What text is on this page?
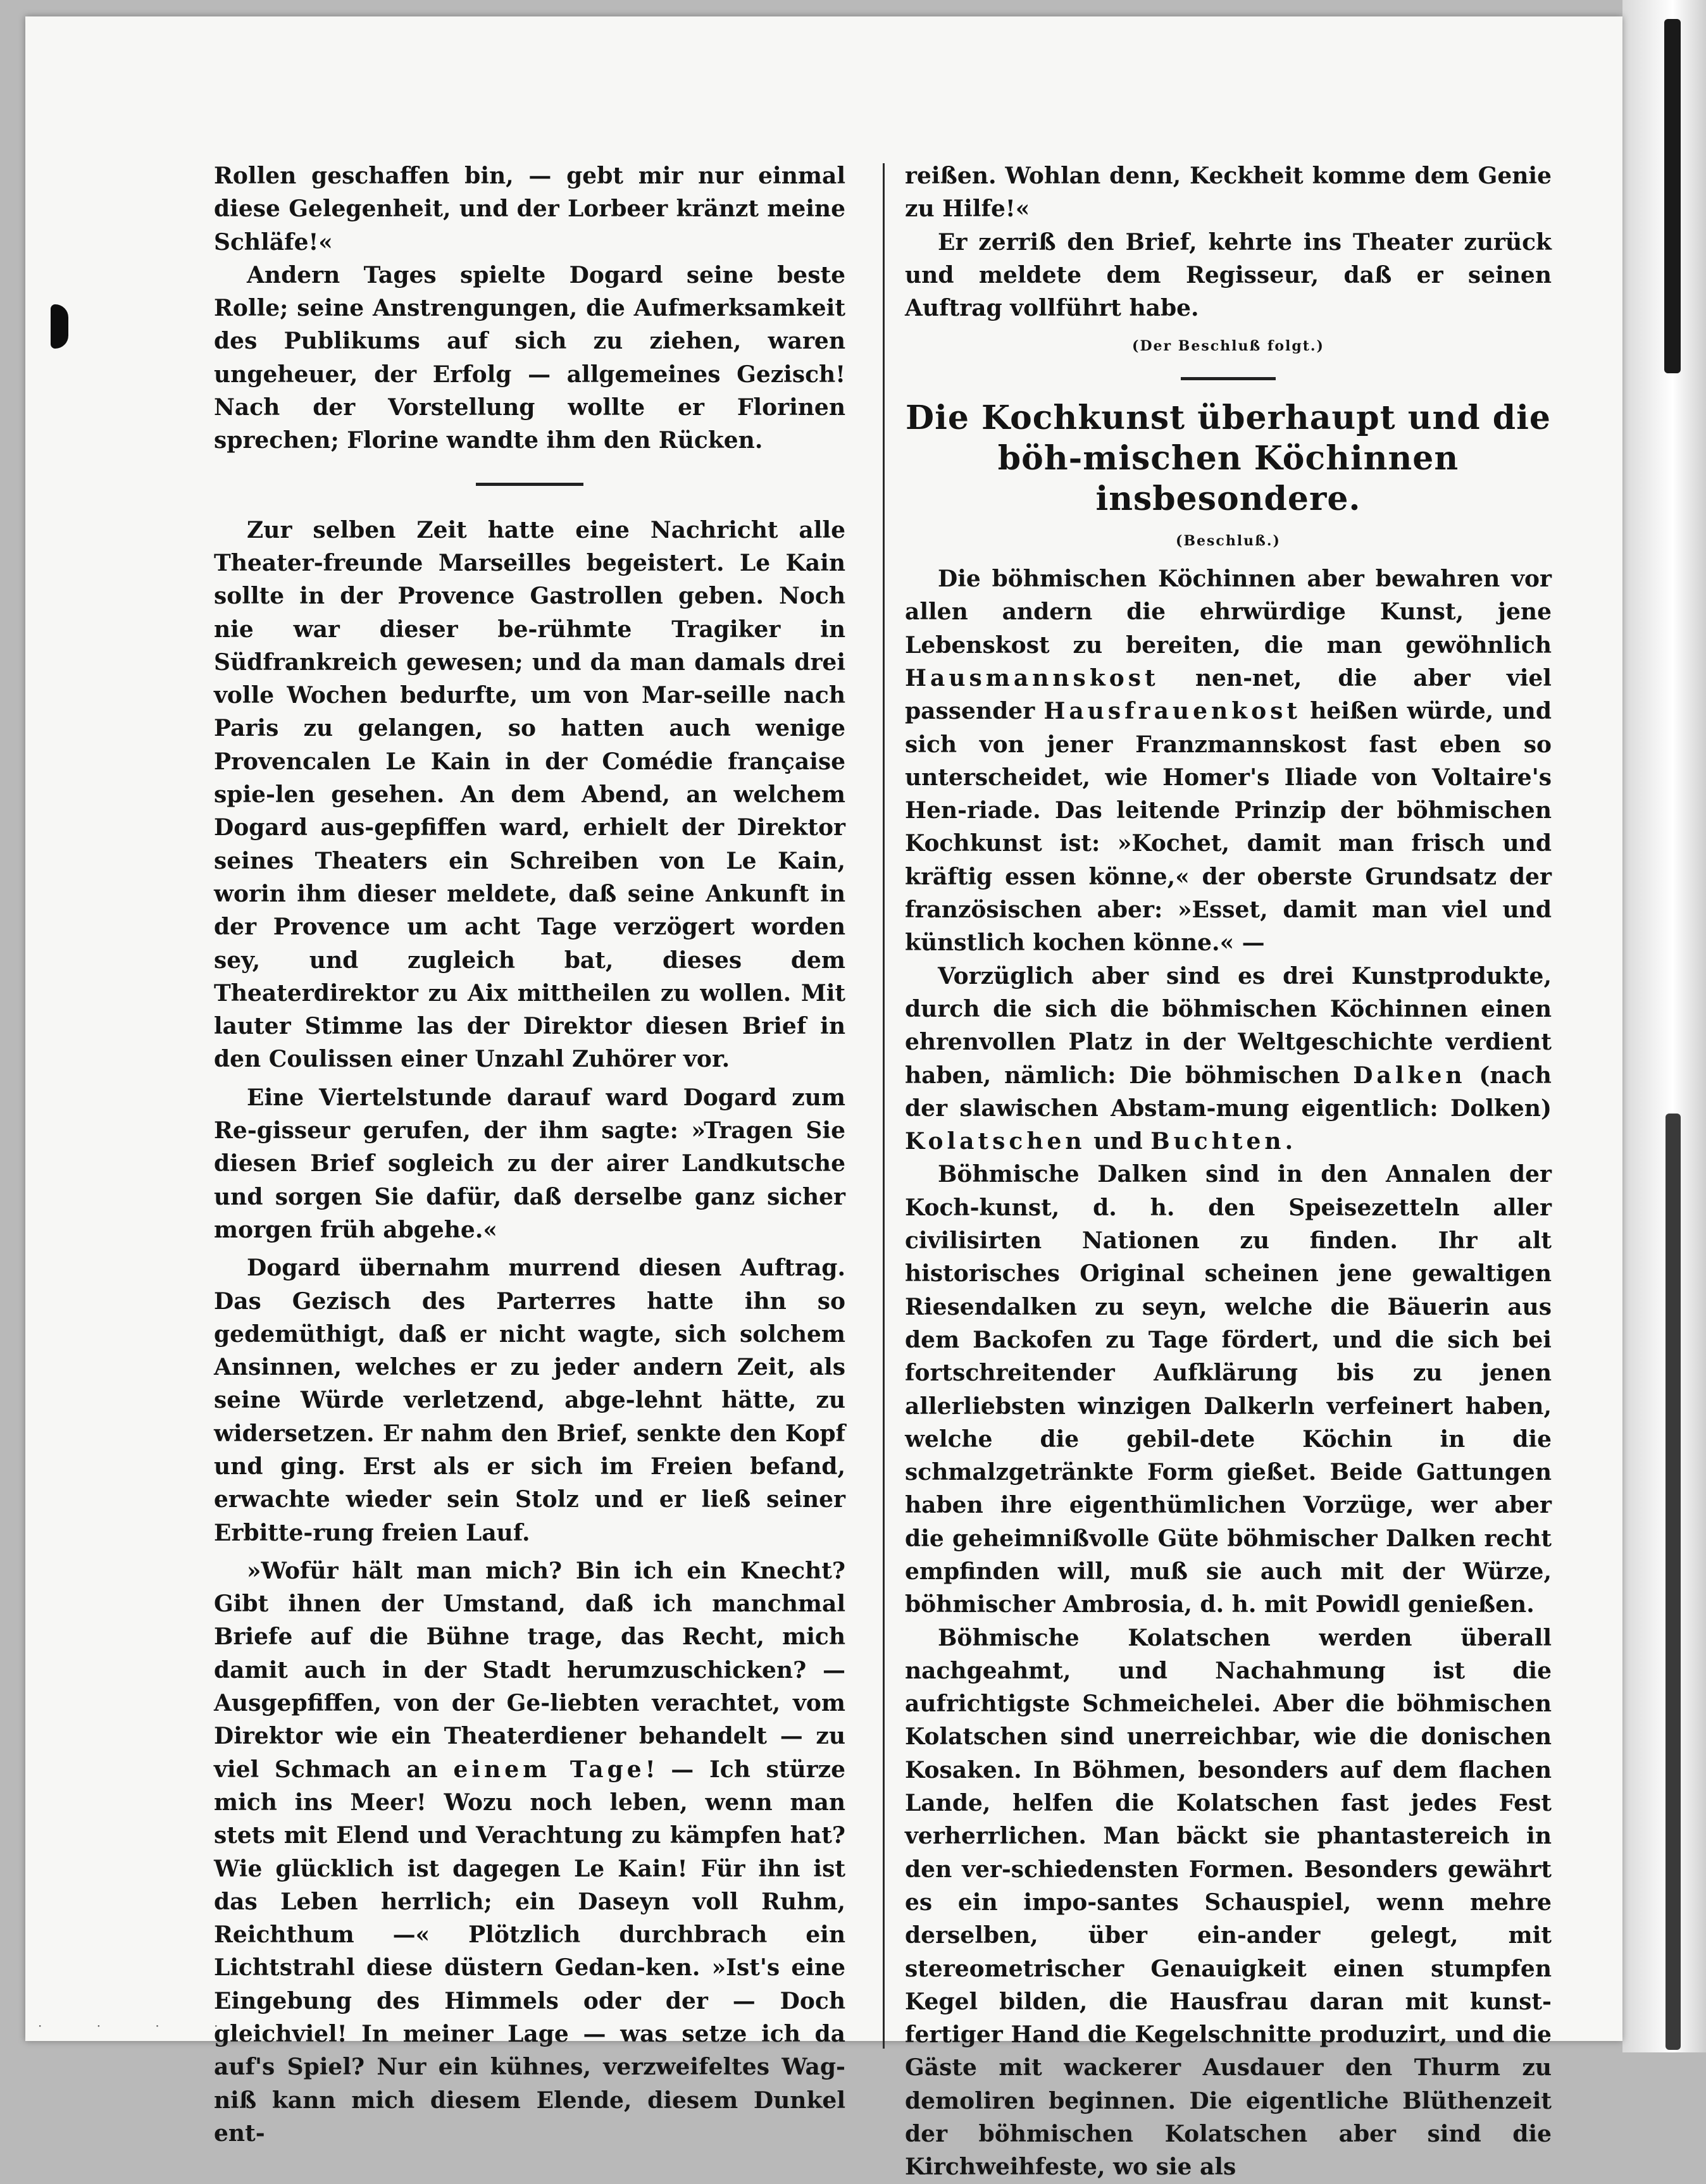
Rollen geschaffen bin, — gebt mir nur einmal diese Gelegenheit, und der Lorbeer kränzt meine Schläfe!«

Andern Tages spielte Dogard seine beste Rolle; seine Anstrengungen, die Aufmerksamkeit des Publikums auf sich zu ziehen, waren ungeheuer, der Erfolg — allgemeines Gezisch! Nach der Vorstellung wollte er Florinen sprechen; Florine wandte ihm den Rücken.

Zur selben Zeit hatte eine Nachricht alle Theater-freunde Marseilles begeistert. Le Kain sollte in der Provence Gastrollen geben. Noch nie war dieser be-rühmte Tragiker in Südfrankreich gewesen; und da man damals drei volle Wochen bedurfte, um von Mar-seille nach Paris zu gelangen, so hatten auch wenige Provencalen Le Kain in der Comédie française spie-len gesehen. An dem Abend, an welchem Dogard aus-gepfiffen ward, erhielt der Direktor seines Theaters ein Schreiben von Le Kain, worin ihm dieser meldete, daß seine Ankunft in der Provence um acht Tage verzögert worden sey, und zugleich bat, dieses dem Theaterdirektor zu Aix mittheilen zu wollen. Mit lauter Stimme las der Direktor diesen Brief in den Coulissen einer Unzahl Zuhörer vor.

Eine Viertelstunde darauf ward Dogard zum Re-gisseur gerufen, der ihm sagte: »Tragen Sie diesen Brief sogleich zu der airer Landkutsche und sorgen Sie dafür, daß derselbe ganz sicher morgen früh abgehe.«

Dogard übernahm murrend diesen Auftrag. Das Gezisch des Parterres hatte ihn so gedemüthigt, daß er nicht wagte, sich solchem Ansinnen, welches er zu jeder andern Zeit, als seine Würde verletzend, abge-lehnt hätte, zu widersetzen. Er nahm den Brief, senkte den Kopf und ging. Erst als er sich im Freien befand, erwachte wieder sein Stolz und er ließ seiner Erbitte-rung freien Lauf.

»Wofür hält man mich? Bin ich ein Knecht? Gibt ihnen der Umstand, daß ich manchmal Briefe auf die Bühne trage, das Recht, mich damit auch in der Stadt herumzuschicken? — Ausgepfiffen, von der Ge-liebten verachtet, vom Direktor wie ein Theaterdiener behandelt — zu viel Schmach an einem Tage! — Ich stürze mich ins Meer! Wozu noch leben, wenn man stets mit Elend und Verachtung zu kämpfen hat? Wie glücklich ist dagegen Le Kain! Für ihn ist das Leben herrlich; ein Daseyn voll Ruhm, Reichthum —« Plötzlich durchbrach ein Lichtstrahl diese düstern Gedan-ken. »Ist's eine Eingebung des Himmels oder der — Doch gleichviel! In meiner Lage — was setze ich da auf's Spiel? Nur ein kühnes, verzweifeltes Wag-niß kann mich diesem Elende, diesem Dunkel ent-

reißen. Wohlan denn, Keckheit komme dem Genie zu Hilfe!«

Er zerriß den Brief, kehrte ins Theater zurück und meldete dem Regisseur, daß er seinen Auftrag vollführt habe.

(Der Beschluß folgt.)
Die Kochkunst überhaupt und die böh-mischen Köchinnen insbesondere.
(Beschluß.)

Die böhmischen Köchinnen aber bewahren vor allen andern die ehrwürdige Kunst, jene Lebenskost zu bereiten, die man gewöhnlich Hausmannskost nen-net, die aber viel passender Hausfrauenkost heißen würde, und sich von jener Franzmannskost fast eben so unterscheidet, wie Homer's Iliade von Voltaire's Hen-riade. Das leitende Prinzip der böhmischen Kochkunst ist: »Kochet, damit man frisch und kräftig essen könne,« der oberste Grundsatz der französischen aber: »Esset, damit man viel und künstlich kochen könne.« —

Vorzüglich aber sind es drei Kunstprodukte, durch die sich die böhmischen Köchinnen einen ehrenvollen Platz in der Weltgeschichte verdient haben, nämlich: Die böhmischen Dalken (nach der slawischen Abstam-mung eigentlich: Dolken) Kolatschen und Buchten.

Böhmische Dalken sind in den Annalen der Koch-kunst, d. h. den Speisezetteln aller civilisirten Nationen zu finden. Ihr alt historisches Original scheinen jene gewaltigen Riesendalken zu seyn, welche die Bäuerin aus dem Backofen zu Tage fördert, und die sich bei fortschreitender Aufklärung bis zu jenen allerliebsten winzigen Dalkerln verfeinert haben, welche die gebil-dete Köchin in die schmalzgetränkte Form gießet. Beide Gattungen haben ihre eigenthümlichen Vorzüge, wer aber die geheimnißvolle Güte böhmischer Dalken recht empfinden will, muß sie auch mit der Würze, böhmischer Ambrosia, d. h. mit Powidl genießen.

Böhmische Kolatschen werden überall nachgeahmt, und Nachahmung ist die aufrichtigste Schmeichelei. Aber die böhmischen Kolatschen sind unerreichbar, wie die donischen Kosaken. In Böhmen, besonders auf dem flachen Lande, helfen die Kolatschen fast jedes Fest verherrlichen. Man bäckt sie phantastereich in den ver-schiedensten Formen. Besonders gewährt es ein impo-santes Schauspiel, wenn mehre derselben, über ein-ander gelegt, mit stereometrischer Genauigkeit einen stumpfen Kegel bilden, die Hausfrau daran mit kunst-fertiger Hand die Kegelschnitte produzirt, und die Gäste mit wackerer Ausdauer den Thurm zu demoliren beginnen. Die eigentliche Blüthenzeit der böhmischen Kolatschen aber sind die Kirchweihfeste, wo sie als

· · · ·
